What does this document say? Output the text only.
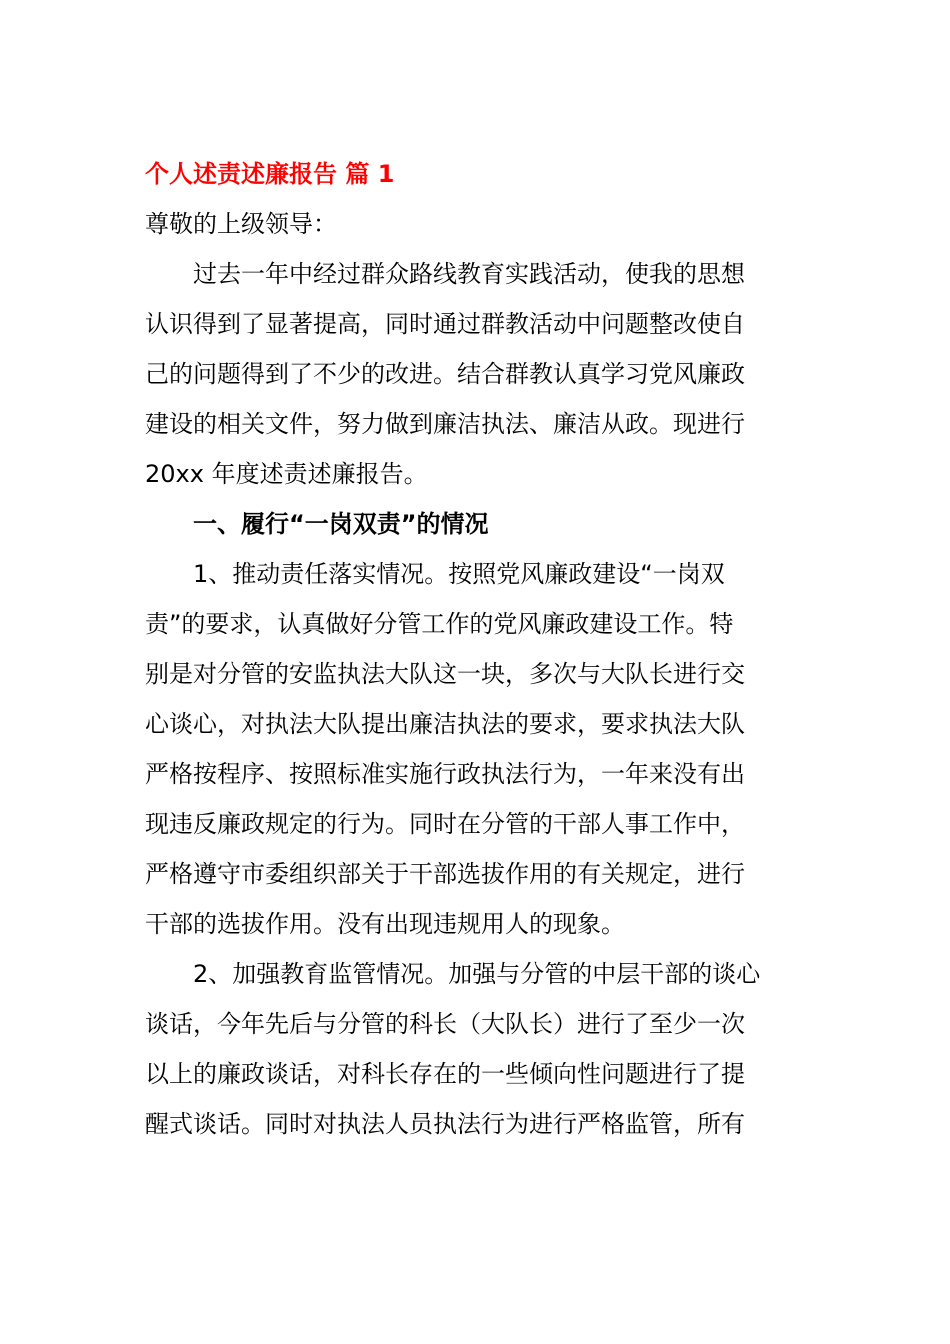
个人述责述廉报告 篇 1
尊敬的上级领导：
过去一年中经过群众路线教育实践活动，使我的思想
认识得到了显著提高，同时通过群教活动中问题整改使自
己的问题得到了不少的改进。结合群教认真学习党风廉政
建设的相关文件，努力做到廉洁执法、廉洁从政。现进行
20xx 年度述责述廉报告。
一、履行“一岗双责”的情况
1、推动责任落实情况。按照党风廉政建设“一岗双
责”的要求，认真做好分管工作的党风廉政建设工作。特
别是对分管的安监执法大队这一块，多次与大队长进行交
心谈心，对执法大队提出廉洁执法的要求，要求执法大队
严格按程序、按照标准实施行政执法行为，一年来没有出
现违反廉政规定的行为。同时在分管的干部人事工作中，
严格遵守市委组织部关于干部选拔作用的有关规定，进行
干部的选拔作用。没有出现违规用人的现象。
2、加强教育监管情况。加强与分管的中层干部的谈心
谈话，今年先后与分管的科长（大队长）进行了至少一次
以上的廉政谈话，对科长存在的一些倾向性问题进行了提
醒式谈话。同时对执法人员执法行为进行严格监管，所有
